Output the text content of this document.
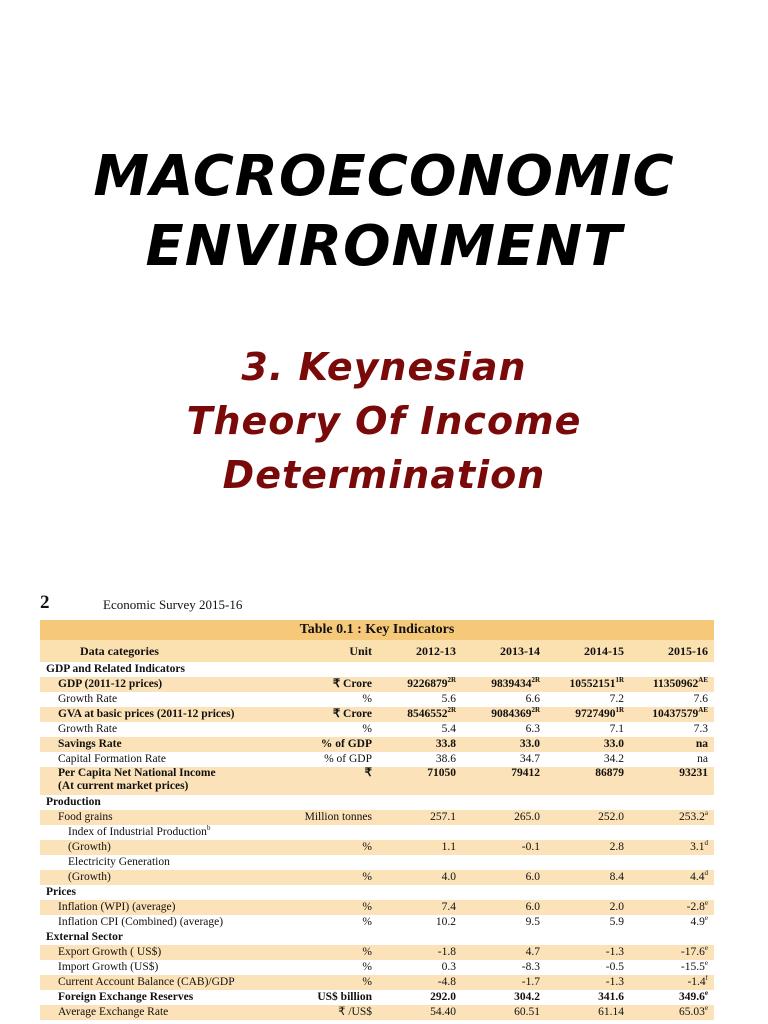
MACROECONOMIC
ENVIRONMENT
3. Keynesian
Theory Of Income
Determination
2	Economic Survey 2015-16
Table 0.1 : Key Indicators
Data categories	Unit	2012-13	2013-14	2014-15	2015-16
GDP and Related Indicators					
GDP (2011-12 prices)	₹ Crore	$9226879^{2R}$	$9839434^{2R}$	$10552151^{1R}$	$11350962^{AE}$
Growth Rate	%	5.6	6.6	7.2	7.6
GVA at basic prices (2011-12 prices)	₹ Crore	$8546552^{2R}$	$9084369^{2R}$	$9727490^{1R}$	$10437579^{AE}$
Growth Rate	%	5.4	6.3	7.1	7.3
Savings Rate	% of GDP	33.8	33.0	33.0	na
Capital Formation Rate	% of GDP	38.6	34.7	34.2	na
Per Capita Net National Income
(At current market prices)	₹	71050	79412	86879	93231
Production					
Food grains	Million tonnes	257.1	265.0	252.0	253.2$^a$
Index of Industrial Production$^b$					
(Growth)	%	1.1	-0.1	2.8	3.1$^d$
Electricity Generation					
(Growth)	%	4.0	6.0	8.4	4.4$^d$
Prices					
Inflation (WPI) (average)	%	7.4	6.0	2.0	-2.8e
Inflation CPI (Combined) (average)	%	10.2	9.5	5.9	4.9e
External Sector					
Export Growth ( US$)	%	-1.8	4.7	-1.3	-17.6e
Import Growth (US$)	%	0.3	-8.3	-0.5	-15.5e
Current Account Balance (CAB)/GDP	%	-4.8	-1.7	-1.3	-1.4$^f$
Foreign Exchange Reserves	US$ billion	292.0	304.2	341.6	349.6e
Average Exchange Rate	₹ /US$	54.40	60.51	61.14	65.03e
